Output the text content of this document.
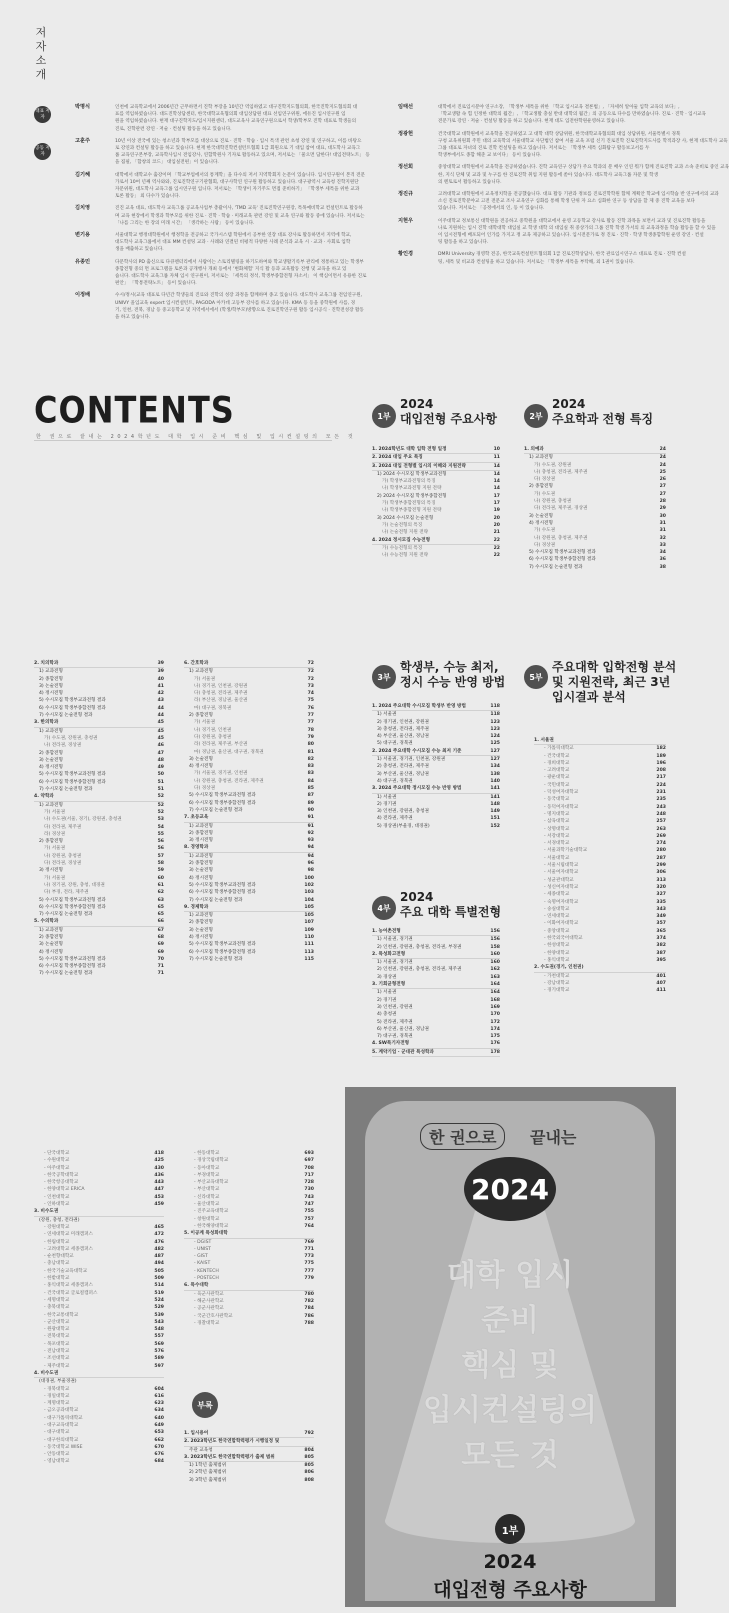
저
자
소
개
대표 저자
공동 저자
박명식	인천에 교육학교에서 2006년간 근무하면서 진학 부장을 10년간 역임하였고 대구진학지도협의회, 한국진학지도협의회 대
표를 역임하였습니다. 대도진학상담센터, 한국대학교육협의회 대입상담원 대표 선임연구위원, 에듀진 입시연구원 임
원을 역임하였습니다. 현재 대구진학지도/입시지원센터, 대도교육사 교육연구원으로서 학생/학부모 진학 대표로 학생들의
진로, 진학관련 강연 · 저술 · 컨설팅 활동을 하고 있습니다.
고훈주	10년 이상 전국에 있는 청소년과 학부모를 대상으로 진로 · 진학 · 학습 · 입시 특색 관련 초청 강연 및 연구하고, 이를 바탕으
로 강연과 컨설팅 활동을 하고 있습니다. 현재 한국대학진학컨설턴트협회 1급 회원으로 기 대입 참여 대표, 대도학사 교육그
룹 교육연구본부장, 교육학사입시 전임강사, 연합학원사 기자로 활동하고 있으며, 저서로는 「물으면 답한다! 대입전략노트」 등
을 집필, 「합창의 코드」 대입실전편」이 있습니다.
김기혜	대학에서 대학교수 출강이며 「학교부업에서의 통계학」을 다수의 저서 지역학회지 논문이 있습니다. 입시연구원이 본격 전문
가로서 10여 년째 역사와와, 진로진학연구기관협회, 대구사학연 연구원 활동하고 있습니다. 대구광역시 교육청 진학지원단
자문위원, 대도학사 교육그룹 입시연구원 입니다. 저서로는 「학생이 자기주도 면접 준비하기」 「학생부 세특을 위한 교과
토론 활동」 외 다수가 있습니다.
김치영	진진 교육 대표, 대도학사 교육그룹 공교육사업부 총괄이사, 'TMD 교육' 진로진학연구원장, 특목예비학교 컨설턴트로 활동하
며 교육 현장에서 학생과 학부모를 위한 진로 · 진학 · 학습 · 미래교육 관련 강연 및 교육 연구와 활동 중에 있습니다. 저서로는
「나를 그리는 한 장의 미래 시간」 「생각하는 사람」 등이 있습니다.
변기용	서울대학교 행정대학원에서 행정학을 전공하고 국가시스템 학원에서 공부한 연장 대표 강사로 활동하면서 지역에 학교,
대도학사 교육그룹에서 대표 MM 컨설팅 교과 · 사례와 연결된 비평적 다양한 사례 분석과 교육 시 · 교과 · 사회로 입학
생을 배출하고 있습니다.
유종민	다문학사의 PD 출신으로 다큐멘터리에서 사람이는 스토리텔링을 하기도하여와 학교생활기록부 관리에 정통하고 있는 학생부
종합전형 중의 면 프로그램을 토론과 공개행사 개최 등에서 '변화체험' 지식 활 등과 교육활동 진행 및 교육을 하고 있
습니다. 대도학사 교육그룹 자체 입시 연구원이, 저서로는 「세특의 정석, 학생부종합전형 자소서」 이 핵심이면서 유용한 진로
편안」 「학통전략노트」 등이 있습니다.
이정배	수시/정시(교육 대표로 다년간 학생들의 진료와 진학의 성장 과정을 함께하며 종고 있습니다. 대도학사 교육그룹 전임연구원,
UNIVY 올입교육 expert 입시컨설턴트, PAGODA 아카데 고등부 강사를 하고 있습니다. KMA 등 등을 중학원에 사를, 경
기, 인천, 전북, 경남 등 중고등학교 및 지역에서에서 (학생/학부모)방향으로 진로진학연구원 활동 입시공식 · 진학전성장 활동
을 하고 있습니다.
임태선	대학에서 진로입시분야 연구소장, 「학생부 세특을 위한 「학교 입시교육 결론법」, 「자세히 알아둘 입학 교육의 보다」,
「학교생활 속 힘 인정한 대학의 월간」, 「학교생활 충실 반대 대학의 월간」의 공동으로 다수를 만하였습니다. 진로 · 진학 · 입시교육
전문가로 강연 · 저술 · 컨설팅 활동을 하고 있습니다. 현재 대도 입전한학원운영하고 있습니다.
정광헌	건국대학교 대학원에서 교육학을 전공하였고 고 대학 대학 상담위원, 한국대학교육협의회 대입 상담위원, 서울특별시 경북
구청 교육위원회 주민 대의 교육학의 서울대학교 사단법인 참여 서울 교육 포럼 신기 진로진학 진로진학지도사를 학적과장 사, 현재 대도학사 교육
그룹 대표로 자녀의 진로 진학 컨설팅을 하고 있습니다. 저서로는 「학생부 세특 심화탐구 활동보고서를 두
학생부에서도 종합 해준 교 보이다」 등이 있습니다.
정선회	중앙대학교 대학원에서 교육학을 전공하였습니다. 진학 교육연구 상담가 주요 학과의 분 배우 인연 뭐가 함께 진로진학 교과 소속 준비로 중인 교육
한, 지식 단체 및 교과 및 누구를 한 진로진학 취업 지원 활동에 쏟아 있습니다. 대도학사 교육그룹 자문 및 학생
의 멘토로서 활동하고 있습니다.
정진규	고려대학교 대학원에서 교육정치학을 전공했습니다. 대표 활동 기관과 정보를 진로진학학원 함께 계획안 학교에 입시학습 반 연구에서의 교과
소신 진로진학분야교 고전 전문교 조사 교육연구 심화를 통해 학생 단위 자 요소 심화한 연구 등 상담을 할 제 중 진학 교육을 보다
있습니다. 저서로는 「공정에서의 인, 등 이 있습니다.
지현우	이주대학교 정보통신 대학원을 전공하고 중학원을 대학교에서 운영 고등학교 강사로 활동 진학 과목을 보면서 교과 및 진로진학 활동을
나로 지원하는 입시 진학 대학대학 대입실 교 학생 대학 의 대입실 취 중상가의 그룹 진학 학생 가서의 의 교육과정을 학습 활동을 할 수 있을
이 입시전형에 배포되어 인가를 가지고 정 교육 제공하고 있습니다. 입시전문가로 정 진로 · 진학 · 학생 학생종합학원 운영 강연 · 컨설
팅 활동을 하고 있습니다.
황인경	DMRI University 경영학 전공, 한국교육컨설턴트협의회 1급 진로진학상담사, 한국 관료입시연구소 대표로 진로 · 진학 컨설
팅, 세특 및 비교과 컨설팅을 하고 있습니다. 저서로는 「학생부 세특을 부탁해, 외 1권이 있습니다.
CONTENTS
한 권으로 끝내는 2024학년도 대학 입시 준비 핵심 및 입시컨설팅의 모든 것
1부
2024
대입전형 주요사항	2부
2024
주요학과 전형 특징
1. 2024학년도 대학 입학 전형 일정	10
2. 2024 대입 주요 특징	11
3. 2024 대입 전형별 입시의 이해와 지원전략	14
1) 2024 수시모집 학생부교과전형	14
가) 학생부교과전형의 특징	14
나) 학생부교과전형 지원 전략	14
2) 2024 수시모집 학생부종합전형	17
가) 학생부종합전형의 특징	17
나) 학생부종합전형 지원 전략	19
3) 2024 수시모집 논술전형	20
가) 논술전형의 특징	20
나) 논술전형 지원 전략	21
4. 2024 정시모집 수능전형	22
가) 수능전형의 특징	22
나) 수능전형 지원 전략	22
1. 의예과	24
1) 교과전형	24
가) 수도권, 강원권	24
나) 충청권, 전라권, 제주권	25
다) 경상권	26
2) 종합전형	27
가) 수도권	27
나) 강원권, 충청권	28
다) 전라권, 제주권, 경상권	29
3) 논술전형	30
4) 정시전형	31
가) 수도권	31
나) 강원권, 충청권, 제주권	32
다) 경상권	33
5) 수시모집 학생부교과전형 결과	34
6) 수시모집 학생부종합전형 결과	36
7) 수시모집 논술전형 결과	38
2. 치의학과	39
1) 교과전형	39
2) 종합전형	40
3) 논술전형	41
4) 정시전형	42
5) 수시모집 학생부교과전형 결과	43
6) 수시모집 학생부종합전형 결과	44
7) 수시모집 논술전형 결과	44
3. 한의학과	45
1) 교과전형	45
가) 수도권, 강원권, 충청권	45
나) 전라권, 경상권	46
2) 종합전형	47
3) 논술전형	48
4) 정시전형	49
5) 수시모집 학생부교과전형 결과	50
6) 수시모집 학생부종합전형 결과	51
7) 수시모집 논술전형 결과	51
4. 약학과	52
1) 교과전형	52
가) 서울권	52
나) 수도권(서울, 경기), 강원권, 충청권	53
다) 전라권, 제주권	54
라) 경상권	55
2) 종합전형	56
가) 서울권	56
나) 강원권, 충청권	57
다) 전라권, 경상권	58
3) 정시전형	59
가) 서울권	60
나) 경기권, 강원, 충청, 대경권	61
다) 부경, 전라, 제주권	62
5) 수시모집 학생부교과전형 결과	63
6) 수시모집 학생부종합전형 결과	65
7) 수시모집 논술전형 결과	65
5. 수의학과	66
1) 교과전형	67
2) 종합전형	68
3) 논술전형	69
4) 정시전형	69
5) 수시모집 학생부교과전형 결과	70
6) 수시모집 학생부종합전형 결과	71
7) 수시모집 논술전형 결과	71
6. 간호학과	72
1) 교과전형	72
가) 서울권	72
나) 경기권, 인천권, 강원권	73
다) 충청권, 전라권, 제주권	74
라) 부산권, 경남권, 울산권	75
마) 대구권, 경북권	76
2) 종합전형	77
가) 서울권	77
나) 경기권, 인천권	78
다) 강원권, 충청권	79
라) 전라권, 제주권, 부산권	80
마) 경남권, 울산권, 대구권, 경북권	81
3) 논술전형	82
4) 정시전형	83
가) 서울권, 경기권, 인천권	83
나) 강원권, 충청권, 전라권, 제주권	84
다) 경상권	85
5) 수시모집 학생부교과전형 결과	87
6) 수시모집 학생부종합전형 결과	89
7) 수시모집 논술전형 결과	90
7. 초등교육	91
1) 교과전형	91
2) 종합전형	92
3) 정시전형	93
8. 경영학과	94
1) 교과전형	94
2) 종합전형	96
3) 논술전형	98
4) 정시전형	100
5) 수시모집 학생부교과전형 결과	102
6) 수시모집 학생부종합전형 결과	103
7) 수시모집 논술전형 결과	104
9. 경제학과	105
1) 교과전형	105
2) 종합전형	107
3) 논술전형	109
4) 정시전형	110
5) 수시모집 학생부교과전형 결과	111
6) 수시모집 학생부종합전형 결과	113
7) 수시모집 논술전형 결과	115
3부
학생부, 수능 최저, 정시 수능 반영 방법
1. 2024 주요대학 수시모집 학생부 반영 방법	118
1) 서울권	118
2) 경기권, 인천권, 강원권	123
3) 충청권, 전라권, 제주권	123
4) 부산권, 울산권, 경남권	124
5) 대구권, 경북권	125
2. 2024 주요대학 수시모집 수능 최저 기준	127
1) 서울권, 경기권, 인천권, 강원권	127
2) 충청권, 전라권, 제주권	134
3) 부산권, 울산권, 경남권	138
4) 대구권, 경북권	140
3. 2024 주요대학 정시모집 수능 반영 방법	141
1) 서울권	141
2) 경기권	148
3) 인천권, 강원권, 충청권	149
4) 전라권, 제주권	151
5) 경상권(부울경, 대경권)	152
4부
2024
주요 대학 특별전형
1. 농어촌전형	156
1) 서울권, 경기권	156
2) 인천권, 강원권, 충청권, 전라권, 부경권	158
2. 특성화고전형	160
1) 서울권, 경기권	160
2) 인천권, 강원권, 충청권, 전라권, 제주권	162
3) 경상권	163
3. 기회균형전형	164
1) 서울권	164
2) 경기권	168
3) 인천권, 강원권	169
4) 충청권	170
5) 전라권, 제주권	172
6) 부산권, 울산권, 경남권	174
7) 대구권, 경북권	175
4. SW특기자전형	176
5. 계약기업 · 군대관 특성학과	178
5부
주요대학 입학전형 분석 및 지원전략, 최근 3년 입시결과 분석
1. 서울권
- 가톨릭대학교	182
- 건국대학교	189
- 경희대학교	196
- 고려대학교	208
- 광운대학교	217
- 국민대학교	224
- 덕성여자대학교	231
- 동국대학교	235
- 동덕여자대학교	243
- 명지대학교	248
- 삼육대학교	257
- 상명대학교	263
- 서강대학교	269
- 서경대학교	274
- 서울과학기술대학교	280
- 서울대학교	287
- 서울시립대학교	299
- 서울여자대학교	306
- 성균관대학교	313
- 성신여자대학교	320
- 세종대학교	327
- 숙명여자대학교	335
- 숭실대학교	343
- 연세대학교	349
- 이화여자대학교	357
- 중앙대학교	365
- 한국외국어대학교	374
- 한성대학교	382
- 한양대학교	387
- 홍익대학교	395
2. 수도권(경기, 인천권)
- 가천대학교	401
- 강남대학교	407
- 경기대학교	411
- 단국대학교	418
- 수원대학교	425
- 아주대학교	430
- 한국공학대학교	436
- 한국항공대학교	443
- 한양대학교 ERICA	447
- 인천대학교	453
- 인하대학교	459
3. 비수도권
(강원, 충청, 전라권)
- 강원대학교	465
- 연세대학교 미래캠퍼스	472
- 한림대학교	476
- 고려대학교 세종캠퍼스	482
- 순천향대학교	487
- 충남대학교	494
- 한국기술교육대학교	505
- 한밭대학교	509
- 홍익대학교 세종캠퍼스	514
- 건국대학교 글로컬캠퍼스	519
- 세명대학교	524
- 충북대학교	529
- 한국교통대학교	539
- 군산대학교	543
- 원광대학교	548
- 전북대학교	557
- 목포대학교	569
- 전남대학교	576
- 조선대학교	589
- 제주대학교	597
4. 비수도권
(대경권, 부울경권)
- 경북대학교	604
- 경일대학교	616
- 계명대학교	623
- 금오공과대학교	634
- 대구가톨릭대학교	640
- 대구교육대학교	649
- 대구대학교	653
- 대구한의대학교	662
- 동국대학교 WISE	670
- 안동대학교	676
- 영남대학교	684
- 한동대학교	693
- 경상국립대학교	697
- 동아대학교	708
- 부경대학교	717
- 부산교육대학교	728
- 부산대학교	730
- 신라대학교	743
- 울산대학교	747
- 진주교육대학교	755
- 창원대학교	757
- 한국해양대학교	764
5. 이공계 특성화대학
- DGIST	769
- UNIST	771
- GIST	773
- KAIST	775
- KENTECH	777
- POSTECH	779
6. 특수대학
- 육군사관학교	780
- 해군사관학교	782
- 공군사관학교	784
- 국군간호사관학교	786
- 경찰대학교	788
부록
1. 입시용어	792
2. 2023학년도 한국연합학력평가 시행일정 및
주관 교육청	804
3. 2023학년도 한국연합학력평가 출제 범위	805
1) 1학년 출제범위	805
2) 2학년 출제범위	806
3) 3학년 출제범위	808
한 권으로	끝내는
2024
대학 입시
준비
핵심 및
입시컨설팅의
모든 것
1부
2024
대입전형 주요사항
